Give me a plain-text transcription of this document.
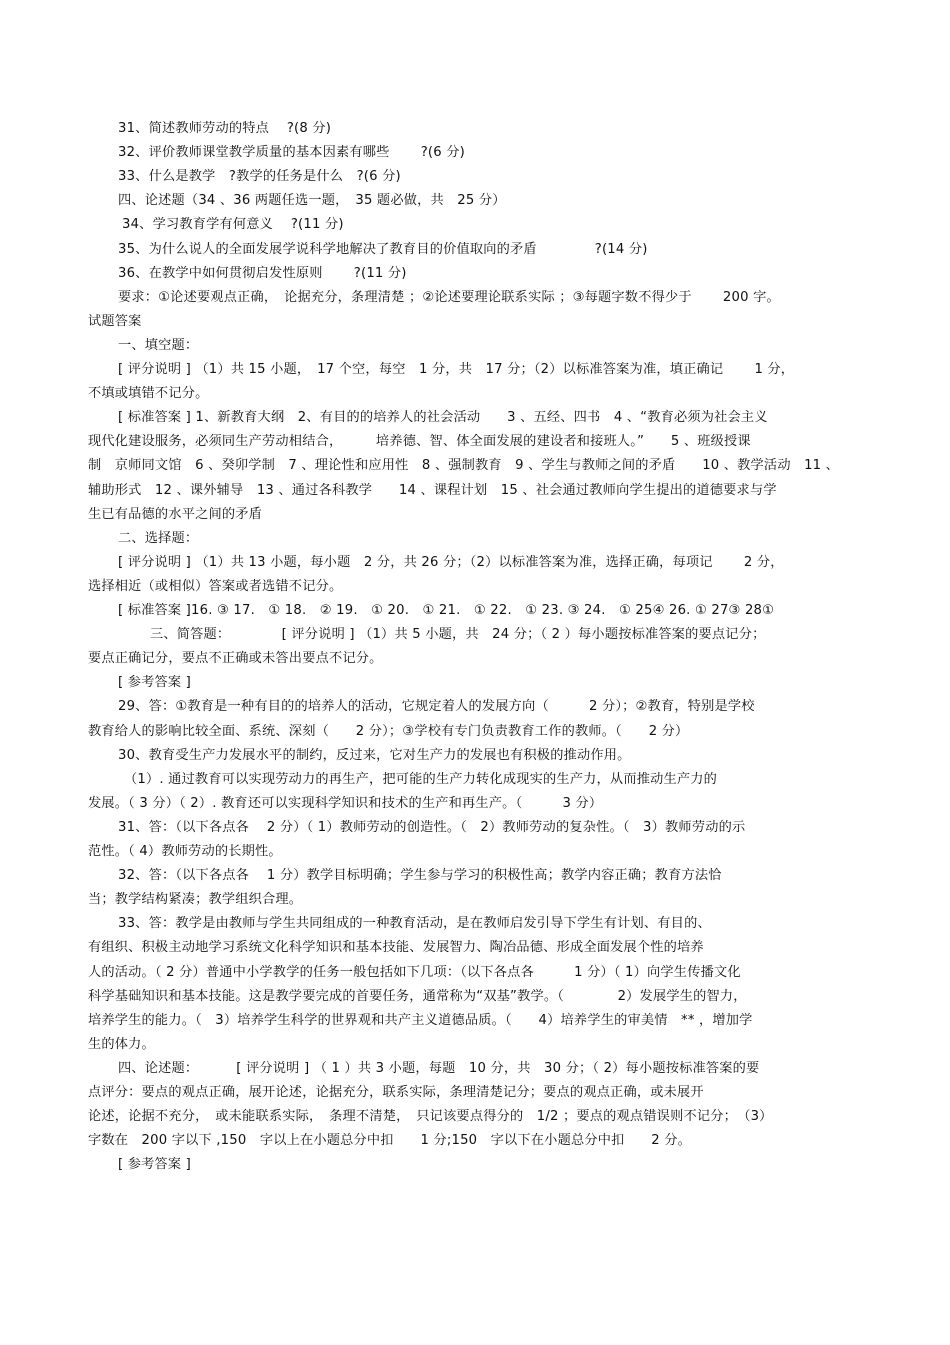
31、简述教师劳动的特点　 ?(8 分)
32、评价教师课堂教学质量的基本因素有哪些　　 ?(6 分)
33、什么是教学　?教学的任务是什么　?(6 分)
四、论述题（34 、36 两题任选一题，　35 题必做，共　25 分）
34、学习教育学有何意义　 ?(11 分)
35、为什么说人的全面发展学说科学地解决了教育目的价值取向的矛盾　　　　 ?(14 分)
36、在教学中如何贯彻启发性原则　　 ?(11 分)
要求：①论述要观点正确，　论据充分，条理清楚 ；②论述要理论联系实际 ；③每题字数不得少于　　 200 字。
试题答案
一、填空题：
[ 评分说明 ] （1）共 15 小题，　17 个空，每空　1 分，共　17 分；（2）以标准答案为准，填正确记　　 1 分，
不填或填错不记分。
[ 标准答案 ] 1、新教育大纲　2、有目的的培养人的社会活动　　3 、五经、四书　4 、“教育必须为社会主义
现代化建设服务，必须同生产劳动相结合，　　　培养德、智、体全面发展的建设者和接班人。”　　5 、班级授课
制　京师同文馆　6 、癸卯学制　7 、理论性和应用性　8 、强制教育　9 、学生与教师之间的矛盾　　10 、教学活动　11 、
辅助形式　12 、课外辅导　13 、通过各科教学　　14 、课程计划　15 、社会通过教师向学生提出的道德要求与学
生已有品德的水平之间的矛盾
二、选择题：
[ 评分说明 ] （1）共 13 小题，每小题　2 分，共 26 分；（2）以标准答案为准，选择正确，每项记　　 2 分，
选择相近（或相似）答案或者选错不记分。
[ 标准答案 ]16. ③ 17.　① 18.　② 19.　① 20.　① 21.　① 22.　① 23. ③ 24.　① 25④ 26. ① 27③ 28①
三、简答题：　　　　 [ 评分说明 ] （1）共 5 小题，共　24 分；（ 2 ）每小题按标准答案的要点记分；
要点正确记分，要点不正确或未答出要点不记分。
[ 参考答案 ]
29、答：①教育是一种有目的的培养人的活动，它规定着人的发展方向（　　　2 分）；②教育，特别是学校
教育给人的影响比较全面、系统、深刻（　　2 分）；③学校有专门负责教育工作的教师。（　　2 分）
30、教育受生产力发展水平的制约，反过来，它对生产力的发展也有积极的推动作用。
（1）. 通过教育可以实现劳动力的再生产，把可能的生产力转化成现实的生产力，从而推动生产力的
发展。（ 3 分）（ 2）. 教育还可以实现科学知识和技术的生产和再生产。（　　　3 分）
31、答：（以下各点各　 2 分）（ 1）教师劳动的创造性。（　2）教师劳动的复杂性。（　3）教师劳动的示
范性。（ 4）教师劳动的长期性。
32、答：（以下各点各　 1 分）教学目标明确；学生参与学习的积极性高；教学内容正确；教育方法恰
当；教学结构紧凑；教学组织合理。
33、答：教学是由教师与学生共同组成的一种教育活动，是在教师启发引导下学生有计划、有目的、
有组织、积极主动地学习系统文化科学知识和基本技能、发展智力、陶冶品德、形成全面发展个性的培养
人的活动。（ 2 分）普通中小学教学的任务一般包括如下几项：（以下各点各　　　1 分）（ 1）向学生传播文化
科学基础知识和基本技能。这是教学要完成的首要任务，通常称为“双基”教学。（　　　　2）发展学生的智力，
培养学生的能力。（　3）培养学生科学的世界观和共产主义道德品质。（　　4）培养学生的审美情　** ，增加学
生的体力。
四、论述题：　　　 [ 评分说明 ] （ 1 ）共 3 小题，每题　10 分，共　30 分；（ 2）每小题按标准答案的要
点评分：要点的观点正确，展开论述，论据充分，联系实际，条理清楚记分；要点的观点正确，或未展开
论述，论据不充分，　或未能联系实际，　条理不清楚，　只记该要点得分的　1/2 ；要点的观点错误则不记分；　（3）
字数在　200 字以下 ,150　字以上在小题总分中扣　　1 分;150　字以下在小题总分中扣　　2 分。
[ 参考答案 ]
